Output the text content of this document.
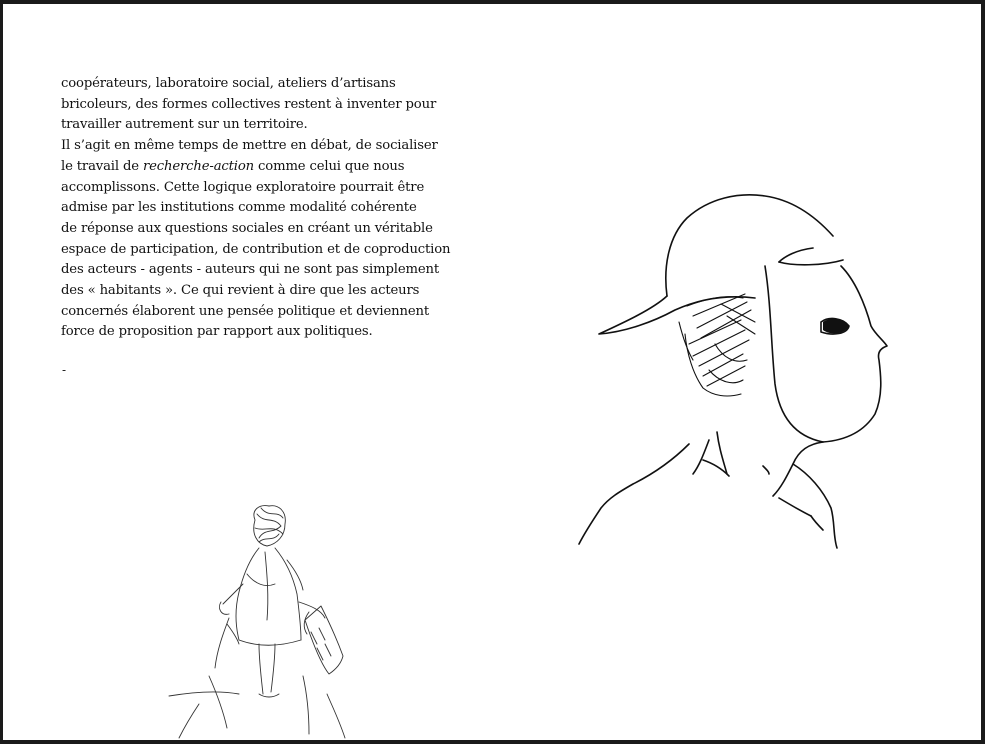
coopérateurs, laboratoire social, ateliers d’artisans
bricoleurs, des formes collectives restent à inventer pour
travailler autrement sur un territoire.
Il s’agit en même temps de mettre en débat, de socialiser
le travail de recherche-action comme celui que nous
accomplissons. Cette logique exploratoire pourrait être
admise par les institutions comme modalité cohérente
de réponse aux questions sociales en créant un véritable
espace de participation, de contribution et de coproduction
des acteurs - agents - auteurs qui ne sont pas simplement
des « habitants ». Ce qui revient à dire que les acteurs
concernés élaborent une pensée politique et deviennent
force de proposition par rapport aux politiques.
-
